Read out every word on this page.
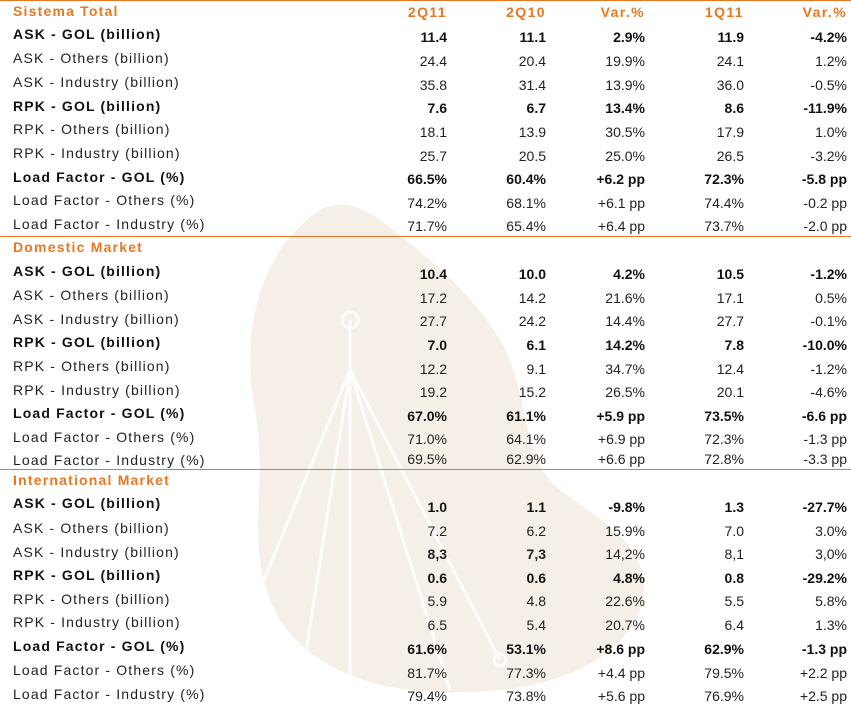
Sistema Total	2Q11	2Q10	Var.%	1Q11	Var.%
ASK - GOL (billion)	11.4	11.1	2.9%	11.9	-4.2%
ASK - Others (billion)	24.4	20.4	19.9%	24.1	1.2%
ASK - Industry (billion)	35.8	31.4	13.9%	36.0	-0.5%
RPK - GOL (billion)	7.6	6.7	13.4%	8.6	-11.9%
RPK - Others (billion)	18.1	13.9	30.5%	17.9	1.0%
RPK - Industry (billion)	25.7	20.5	25.0%	26.5	-3.2%
Load Factor - GOL (%)	66.5%	60.4%	+6.2 pp	72.3%	-5.8 pp
Load Factor - Others (%)	74.2%	68.1%	+6.1 pp	74.4%	-0.2 pp
Load Factor - Industry (%)	71.7%	65.4%	+6.4 pp	73.7%	-2.0 pp
Domestic Market					
ASK - GOL (billion)	10.4	10.0	4.2%	10.5	-1.2%
ASK - Others (billion)	17.2	14.2	21.6%	17.1	0.5%
ASK - Industry (billion)	27.7	24.2	14.4%	27.7	-0.1%
RPK - GOL (billion)	7.0	6.1	14.2%	7.8	-10.0%
RPK - Others (billion)	12.2	9.1	34.7%	12.4	-1.2%
RPK - Industry (billion)	19.2	15.2	26.5%	20.1	-4.6%
Load Factor - GOL (%)	67.0%	61.1%	+5.9 pp	73.5%	-6.6 pp
Load Factor - Others (%)	71.0%	64.1%	+6.9 pp	72.3%	-1.3 pp
Load Factor - Industry (%)	69.5%	62.9%	+6.6 pp	72.8%	-3.3 pp
International Market					
ASK - GOL (billion)	1.0	1.1	-9.8%	1.3	-27.7%
ASK - Others (billion)	7.2	6.2	15.9%	7.0	3.0%
ASK - Industry (billion)	8,3	7,3	14,2%	8,1	3,0%
RPK - GOL (billion)	0.6	0.6	4.8%	0.8	-29.2%
RPK - Others (billion)	5.9	4.8	22.6%	5.5	5.8%
RPK - Industry (billion)	6.5	5.4	20.7%	6.4	1.3%
Load Factor - GOL (%)	61.6%	53.1%	+8.6 pp	62.9%	-1.3 pp
Load Factor - Others (%)	81.7%	77.3%	+4.4 pp	79.5%	+2.2 pp
Load Factor - Industry (%)	79.4%	73.8%	+5.6 pp	76.9%	+2.5 pp
